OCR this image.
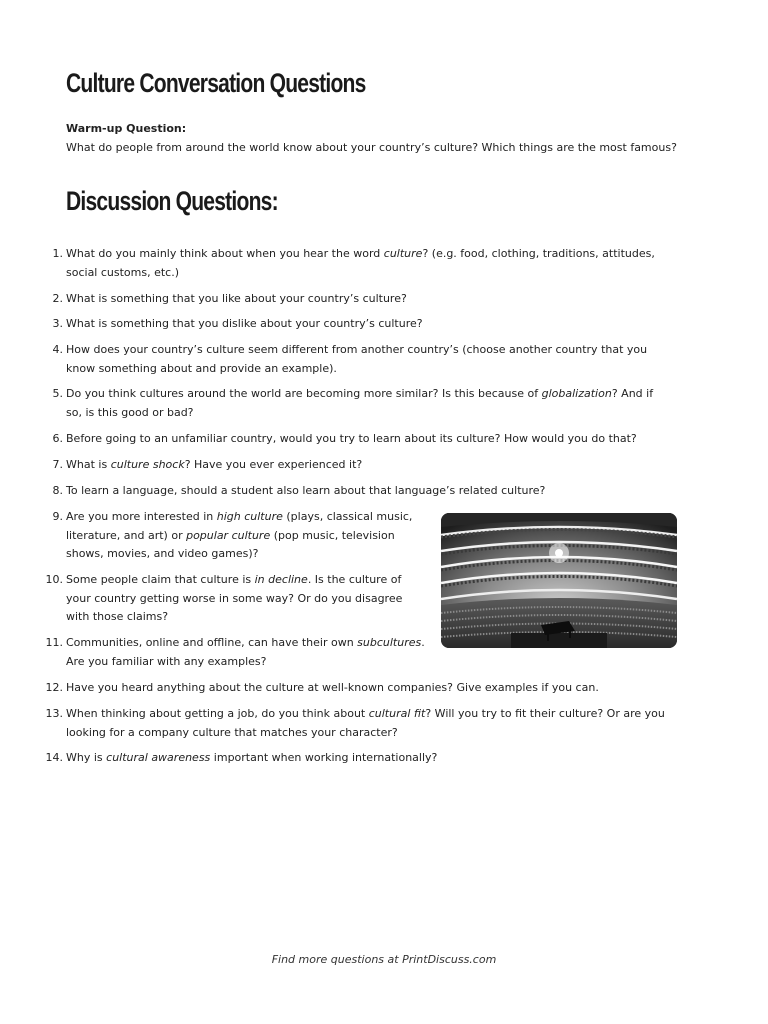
Culture Conversation Questions
Warm-up Question:
What do people from around the world know about your country’s culture? Which things are the most famous?
Discussion Questions:
1. What do you mainly think about when you hear the word culture? (e.g. food, clothing, traditions, attitudes, social customs, etc.)
2. What is something that you like about your country’s culture?
3. What is something that you dislike about your country’s culture?
4. How does your country’s culture seem different from another country’s (choose another country that you know something about and provide an example).
5. Do you think cultures around the world are becoming more similar? Is this because of globalization? And if so, is this good or bad?
6. Before going to an unfamiliar country, would you try to learn about its culture? How would you do that?
7. What is culture shock? Have you ever experienced it?
8. To learn a language, should a student also learn about that language’s related culture?
9. Are you more interested in high culture (plays, classical music, literature, and art) or popular culture (pop music, television shows, movies, and video games)?
10. Some people claim that culture is in decline. Is the culture of your country getting worse in some way? Or do you disagree with those claims?
11. Communities, online and offline, can have their own subcultures. Are you familiar with any examples?
12. Have you heard anything about the culture at well-known companies? Give examples if you can.
13. When thinking about getting a job, do you think about cultural fit? Will you try to fit their culture? Or are you looking for a company culture that matches your character?
14. Why is cultural awareness important when working internationally?
Find more questions at PrintDiscuss.com
